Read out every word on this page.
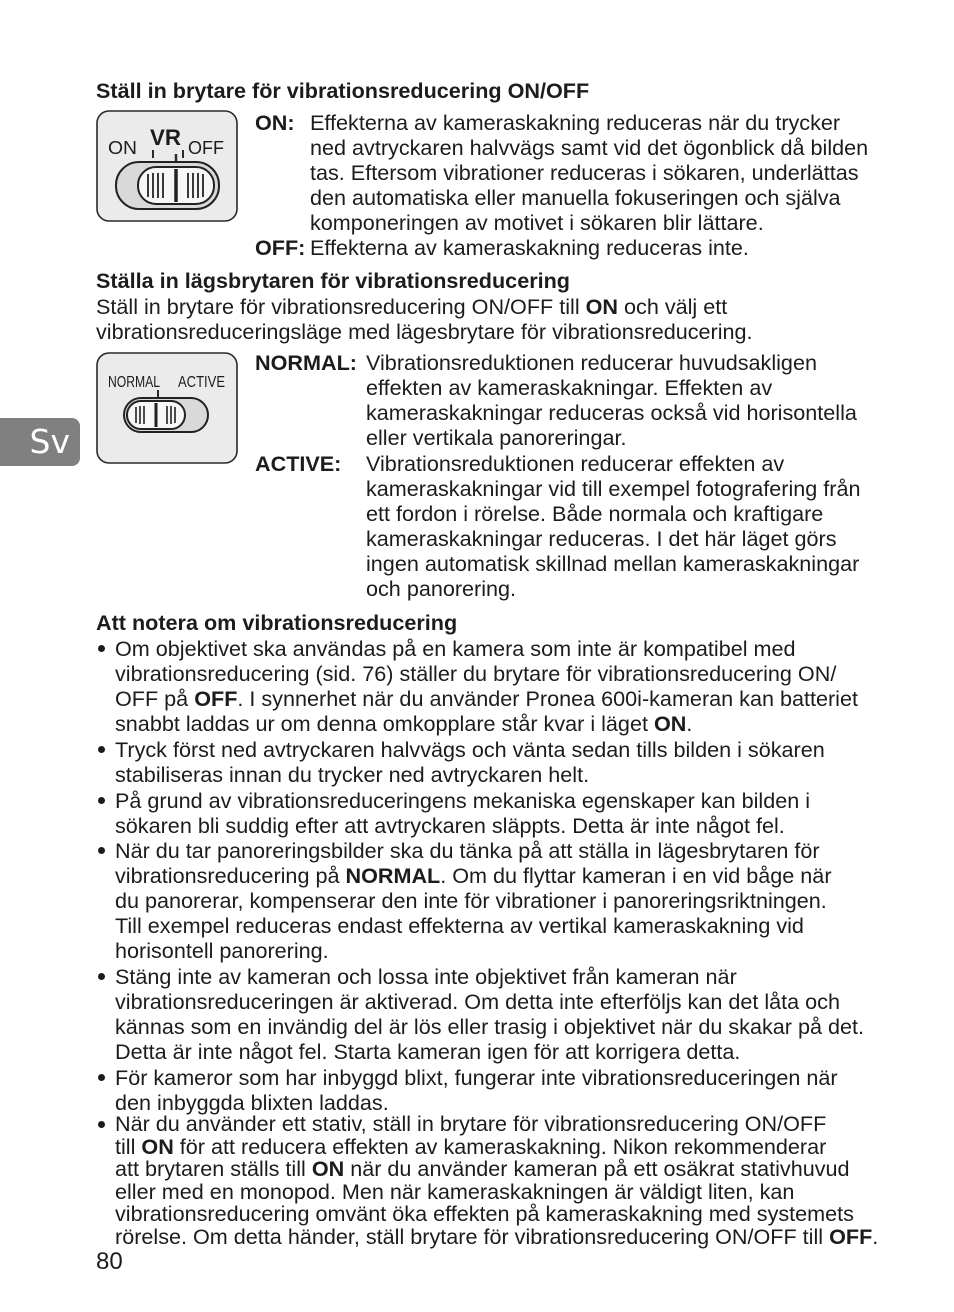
Sv
Ställ in brytare för vibrationsreducering ON/OFF
ON VR OFF
ON: Effekterna av kameraskakning reduceras när du trycker
ned avtryckaren halvvägs samt vid det ögonblick då bilden
tas. Eftersom vibrationer reduceras i sökaren, underlättas
den automatiska eller manuella fokuseringen och själva
komponeringen av motivet i sökaren blir lättare.
OFF: Effekterna av kameraskakning reduceras inte.
Ställa in lägsbrytaren för vibrationsreducering
Ställ in brytare för vibrationsreducering ON/OFF till ON och välj ett
vibrationsreduceringsläge med lägesbrytare för vibrationsreducering.
NORMAL ACTIVE
NORMAL: Vibrationsreduktionen reducerar huvudsakligen
effekten av kameraskakningar. Effekten av
kameraskakningar reduceras också vid horisontella
eller vertikala panoreringar.
ACTIVE: Vibrationsreduktionen reducerar effekten av
kameraskakningar vid till exempel fotografering från
ett fordon i rörelse. Både normala och kraftigare
kameraskakningar reduceras. I det här läget görs
ingen automatisk skillnad mellan kameraskakningar
och panorering.
Att notera om vibrationsreducering
Om objektivet ska användas på en kamera som inte är kompatibel med
vibrationsreducering (sid. 76) ställer du brytare för vibrationsreducering ON/
OFF på OFF. I synnerhet när du använder Pronea 600i-kameran kan batteriet
snabbt laddas ur om denna omkopplare står kvar i läget ON.
Tryck först ned avtryckaren halvvägs och vänta sedan tills bilden i sökaren
stabiliseras innan du trycker ned avtryckaren helt.
På grund av vibrationsreduceringens mekaniska egenskaper kan bilden i
sökaren bli suddig efter att avtryckaren släppts. Detta är inte något fel.
När du tar panoreringsbilder ska du tänka på att ställa in lägesbrytaren för
vibrationsreducering på NORMAL. Om du flyttar kameran i en vid båge när
du panorerar, kompenserar den inte för vibrationer i panoreringsriktningen.
Till exempel reduceras endast effekterna av vertikal kameraskakning vid
horisontell panorering.
Stäng inte av kameran och lossa inte objektivet från kameran när
vibrationsreduceringen är aktiverad. Om detta inte efterföljs kan det låta och
kännas som en invändig del är lös eller trasig i objektivet när du skakar på det.
Detta är inte något fel. Starta kameran igen för att korrigera detta.
För kameror som har inbyggd blixt, fungerar inte vibrationsreduceringen när
den inbyggda blixten laddas.
När du använder ett stativ, ställ in brytare för vibrationsreducering ON/OFF
till ON för att reducera effekten av kameraskakning. Nikon rekommenderar
att brytaren ställs till ON när du använder kameran på ett osäkrat stativhuvud
eller med en monopod. Men när kameraskakningen är väldigt liten, kan
vibrationsreducering omvänt öka effekten på kameraskakning med systemets
rörelse. Om detta händer, ställ brytare för vibrationsreducering ON/OFF till OFF.
80
